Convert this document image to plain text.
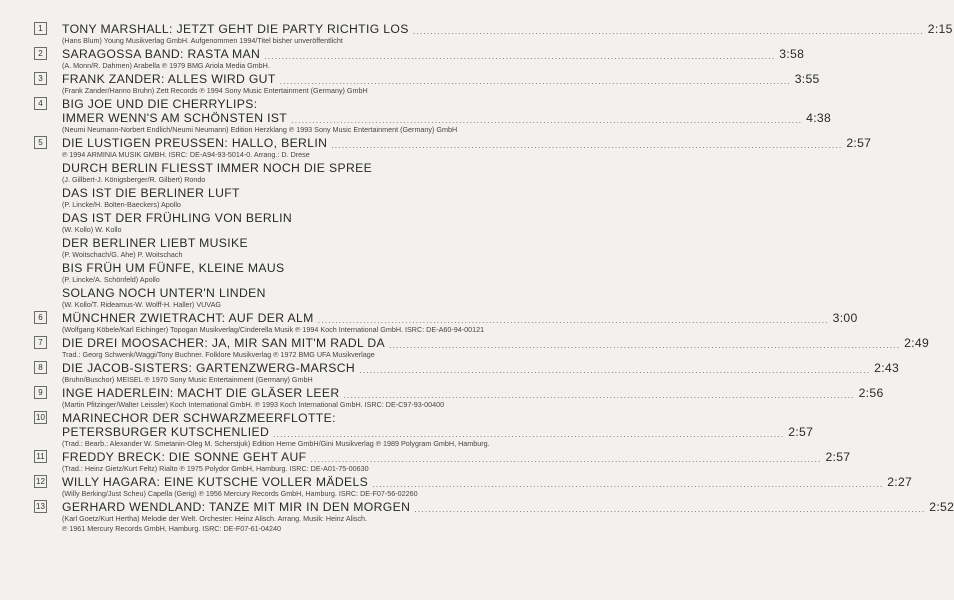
1	TONY MARSHALL: JETZT GEHT DIE PARTY RICHTIG LOS .................................................................................................................................................. 2:15
(Hans Blum) Young Musikverlag GmbH. Aufgenommen 1994/Titel bisher unveröffentlicht
2	SARAGOSSA BAND: RASTA MAN .................................................................................................................................................. 3:58
(A. Monn/R. Dahmen) Arabella ℗ 1979 BMG Ariola Media GmbH.
3	FRANK ZANDER: ALLES WIRD GUT .................................................................................................................................................. 3:55
(Frank Zander/Hanno Bruhn) Zett Records ℗ 1994 Sony Music Entertainment (Germany) GmbH
4	BIG JOE UND DIE CHERRYLIPS:
IMMER WENN'S AM SCHÖNSTEN IST .................................................................................................................................................. 4:38
(Neumi Neumann-Norbert Endlich/Neumi Neumann) Edition Herzklang ℗ 1993 Sony Music Entertainment (Germany) GmbH
5	DIE LUSTIGEN PREUSSEN: HALLO, BERLIN .................................................................................................................................................. 2:57
℗ 1994 ARMINIA MUSIK GMBH. ISRC: DE-A94-93-5014-0. Arrang.: D. Drese
DURCH BERLIN FLIESST IMMER NOCH DIE SPREE
(J. Gillbert-J. Königsberger/R. Gilbert) Rondo
DAS IST DIE BERLINER LUFT
(P. Lincke/H. Bolten-Baeckers) Apollo
DAS IST DER FRÜHLING VON BERLIN
(W. Kollo) W. Kollo
DER BERLINER LIEBT MUSIKE
(P. Woitschach/G. Ahe) P. Woitschach
BIS FRÜH UM FÜNFE, KLEINE MAUS
(P. Lincke/A. Schönfeld) Apollo
SOLANG NOCH UNTER'N LINDEN
(W. Kollo/T. Rideamus-W. Wolff-H. Haller) VUVAG
6	MÜNCHNER ZWIETRACHT: AUF DER ALM .................................................................................................................................................. 3:00
(Wolfgang Köbele/Karl Eichinger) Topogan Musikverlag/Cinderella Musik ℗ 1994 Koch International GmbH. ISRC: DE-A60-94-00121
7	DIE DREI MOOSACHER: JA, MIR SAN MIT'M RADL DA .................................................................................................................................................. 2:49
Trad.: Georg Schwenk/Waggi/Tony Buchner. Folklore Musikverlag ℗ 1972 BMG UFA Musikverlage
8	DIE JACOB-SISTERS: GARTENZWERG-MARSCH .................................................................................................................................................. 2:43
(Bruhn/Buschor) MEISEL ℗ 1970 Sony Music Entertainment (Germany) GmbH
9	INGE HADERLEIN: MACHT DIE GLÄSER LEER .................................................................................................................................................. 2:56
(Martin Pfitzinger/Walter Leissler) Koch International GmbH. ℗ 1993 Koch International GmbH. ISRC: DE-C97-93-00400
10 MARINECHOR DER SCHWARZMEERFLOTTE:
PETERSBURGER KUTSCHENLIED .................................................................................................................................................. 2:57
(Trad.: Bearb.: Alexander W. Smetanin-Oleg M. Scherstjuk) Edition Herne GmbH/Gini Musikverlag ℗ 1989 Polygram GmbH, Hamburg.
11 FREDDY BRECK: DIE SONNE GEHT AUF .................................................................................................................................................. 2:57
(Trad.: Heinz Gietz/Kurt Feltz) Rialto ℗ 1975 Polydor GmbH, Hamburg. ISRC: DE-A01-75-00630
12 WILLY HAGARA: EINE KUTSCHE VOLLER MÄDELS .................................................................................................................................................. 2:27
(Willy Berking/Just Scheu) Capella (Gerig) ℗ 1956 Mercury Records GmbH, Hamburg. ISRC: DE-F07-56-02260
13 GERHARD WENDLAND: TANZE MIT MIR IN DEN MORGEN .................................................................................................................................................. 2:52
(Karl Goetz/Kurt Hertha) Melodie der Welt. Orchester: Heinz Alisch. Arrang. Musik: Heinz Alisch.
℗ 1961 Mercury Records GmbH, Hamburg. ISRC: DE-F07-61-04240
